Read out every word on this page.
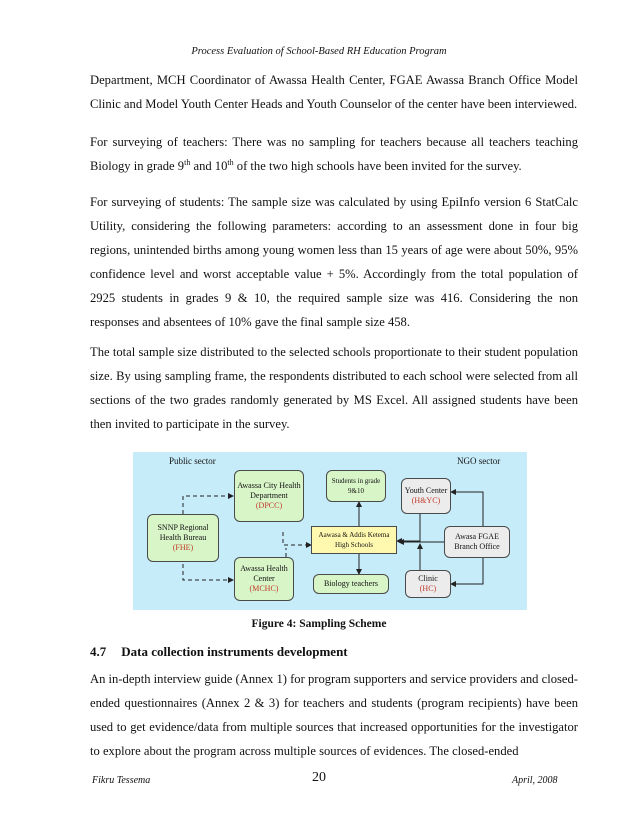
Process Evaluation of School-Based RH Education Program
Department, MCH Coordinator of Awassa Health Center, FGAE Awassa Branch Office Model Clinic and Model Youth Center Heads and Youth Counselor of the center have been interviewed.
For surveying of teachers: There was no sampling for teachers because all teachers teaching Biology in grade 9th and 10th of the two high schools have been invited for the survey.
For surveying of students: The sample size was calculated by using EpiInfo version 6 StatCalc Utility, considering the following parameters: according to an assessment done in four big regions, unintended births among young women less than 15 years of age were about 50%, 95% confidence level and worst acceptable value + 5%. Accordingly from the total population of 2925 students in grades 9 & 10, the required sample size was 416. Considering the non responses and absentees of 10% gave the final sample size 458.
The total sample size distributed to the selected schools proportionate to their student population size. By using sampling frame, the respondents distributed to each school were selected from all sections of the two grades randomly generated by MS Excel. All assigned students have been then invited to participate in the survey.
Public sector	NGO sector
Awassa City Health Department
(DPCC)
SNNP Regional Health Bureau
(FHE)
Awassa Health Center
(MCHC)
Students in grade 9&10
Aawasa & Addis Ketema High Schools
Biology teachers
Youth Center
(H&YC)
Awasa FGAE Branch Office
Clinic
(HC)
Figure 4: Sampling Scheme
4.7 Data collection instruments development
An in-depth interview guide (Annex 1) for program supporters and service providers and closed-ended questionnaires (Annex 2 & 3) for teachers and students (program recipients) have been used to get evidence/data from multiple sources that increased opportunities for the investigator to explore about the program across multiple sources of evidences. The closed-ended
Fikru Tessema	20	April, 2008
